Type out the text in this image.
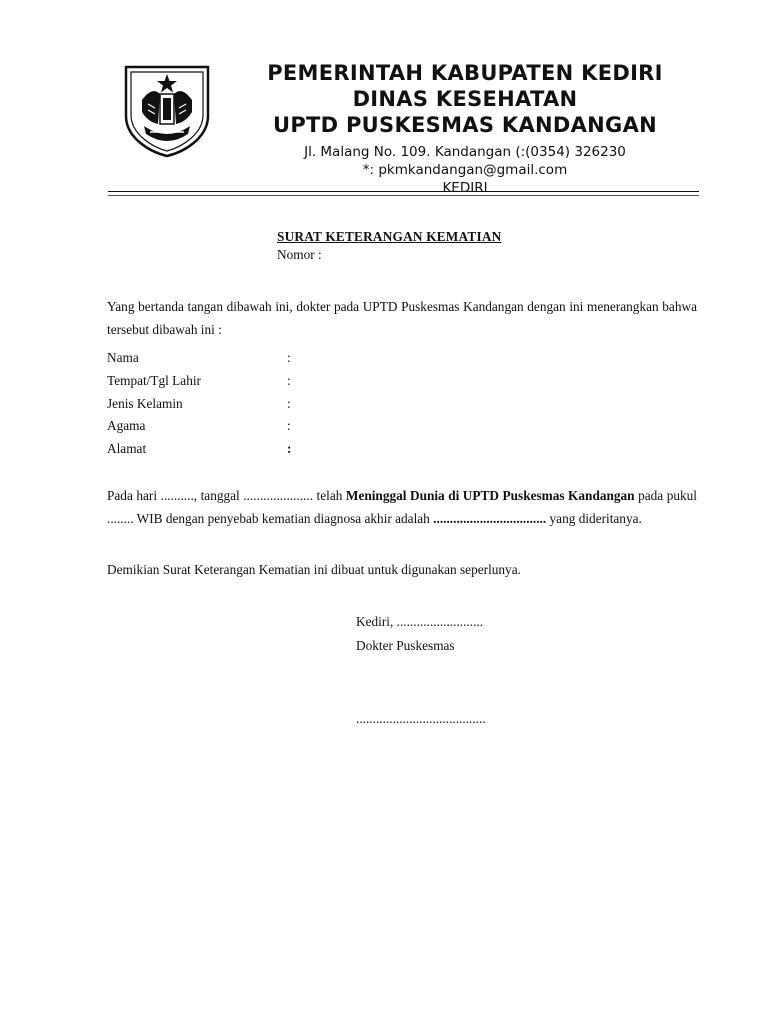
PEMERINTAH KABUPATEN KEDIRI
DINAS KESEHATAN
UPTD PUSKESMAS KANDANGAN
Jl. Malang No. 109. Kandangan (:(0354) 326230
*: pkmkandangan@gmail.com
KEDIRI
SURAT KETERANGAN KEMATIAN
Nomor :
Yang bertanda tangan dibawah ini, dokter pada UPTD Puskesmas Kandangan dengan ini menerangkan bahwa tersebut dibawah ini :
Nama	:
Tempat/Tgl Lahir	:
Jenis Kelamin	:
Agama	:
Alamat	:
Pada hari .........., tanggal ..................... telah Meninggal Dunia di UPTD Puskesmas Kandangan pada pukul ........ WIB dengan penyebab kematian diagnosa akhir adalah .................................. yang dideritanya.
Demikian Surat Keterangan Kematian ini dibuat untuk digunakan seperlunya.
Kediri, ..........................
Dokter Puskesmas
.......................................
